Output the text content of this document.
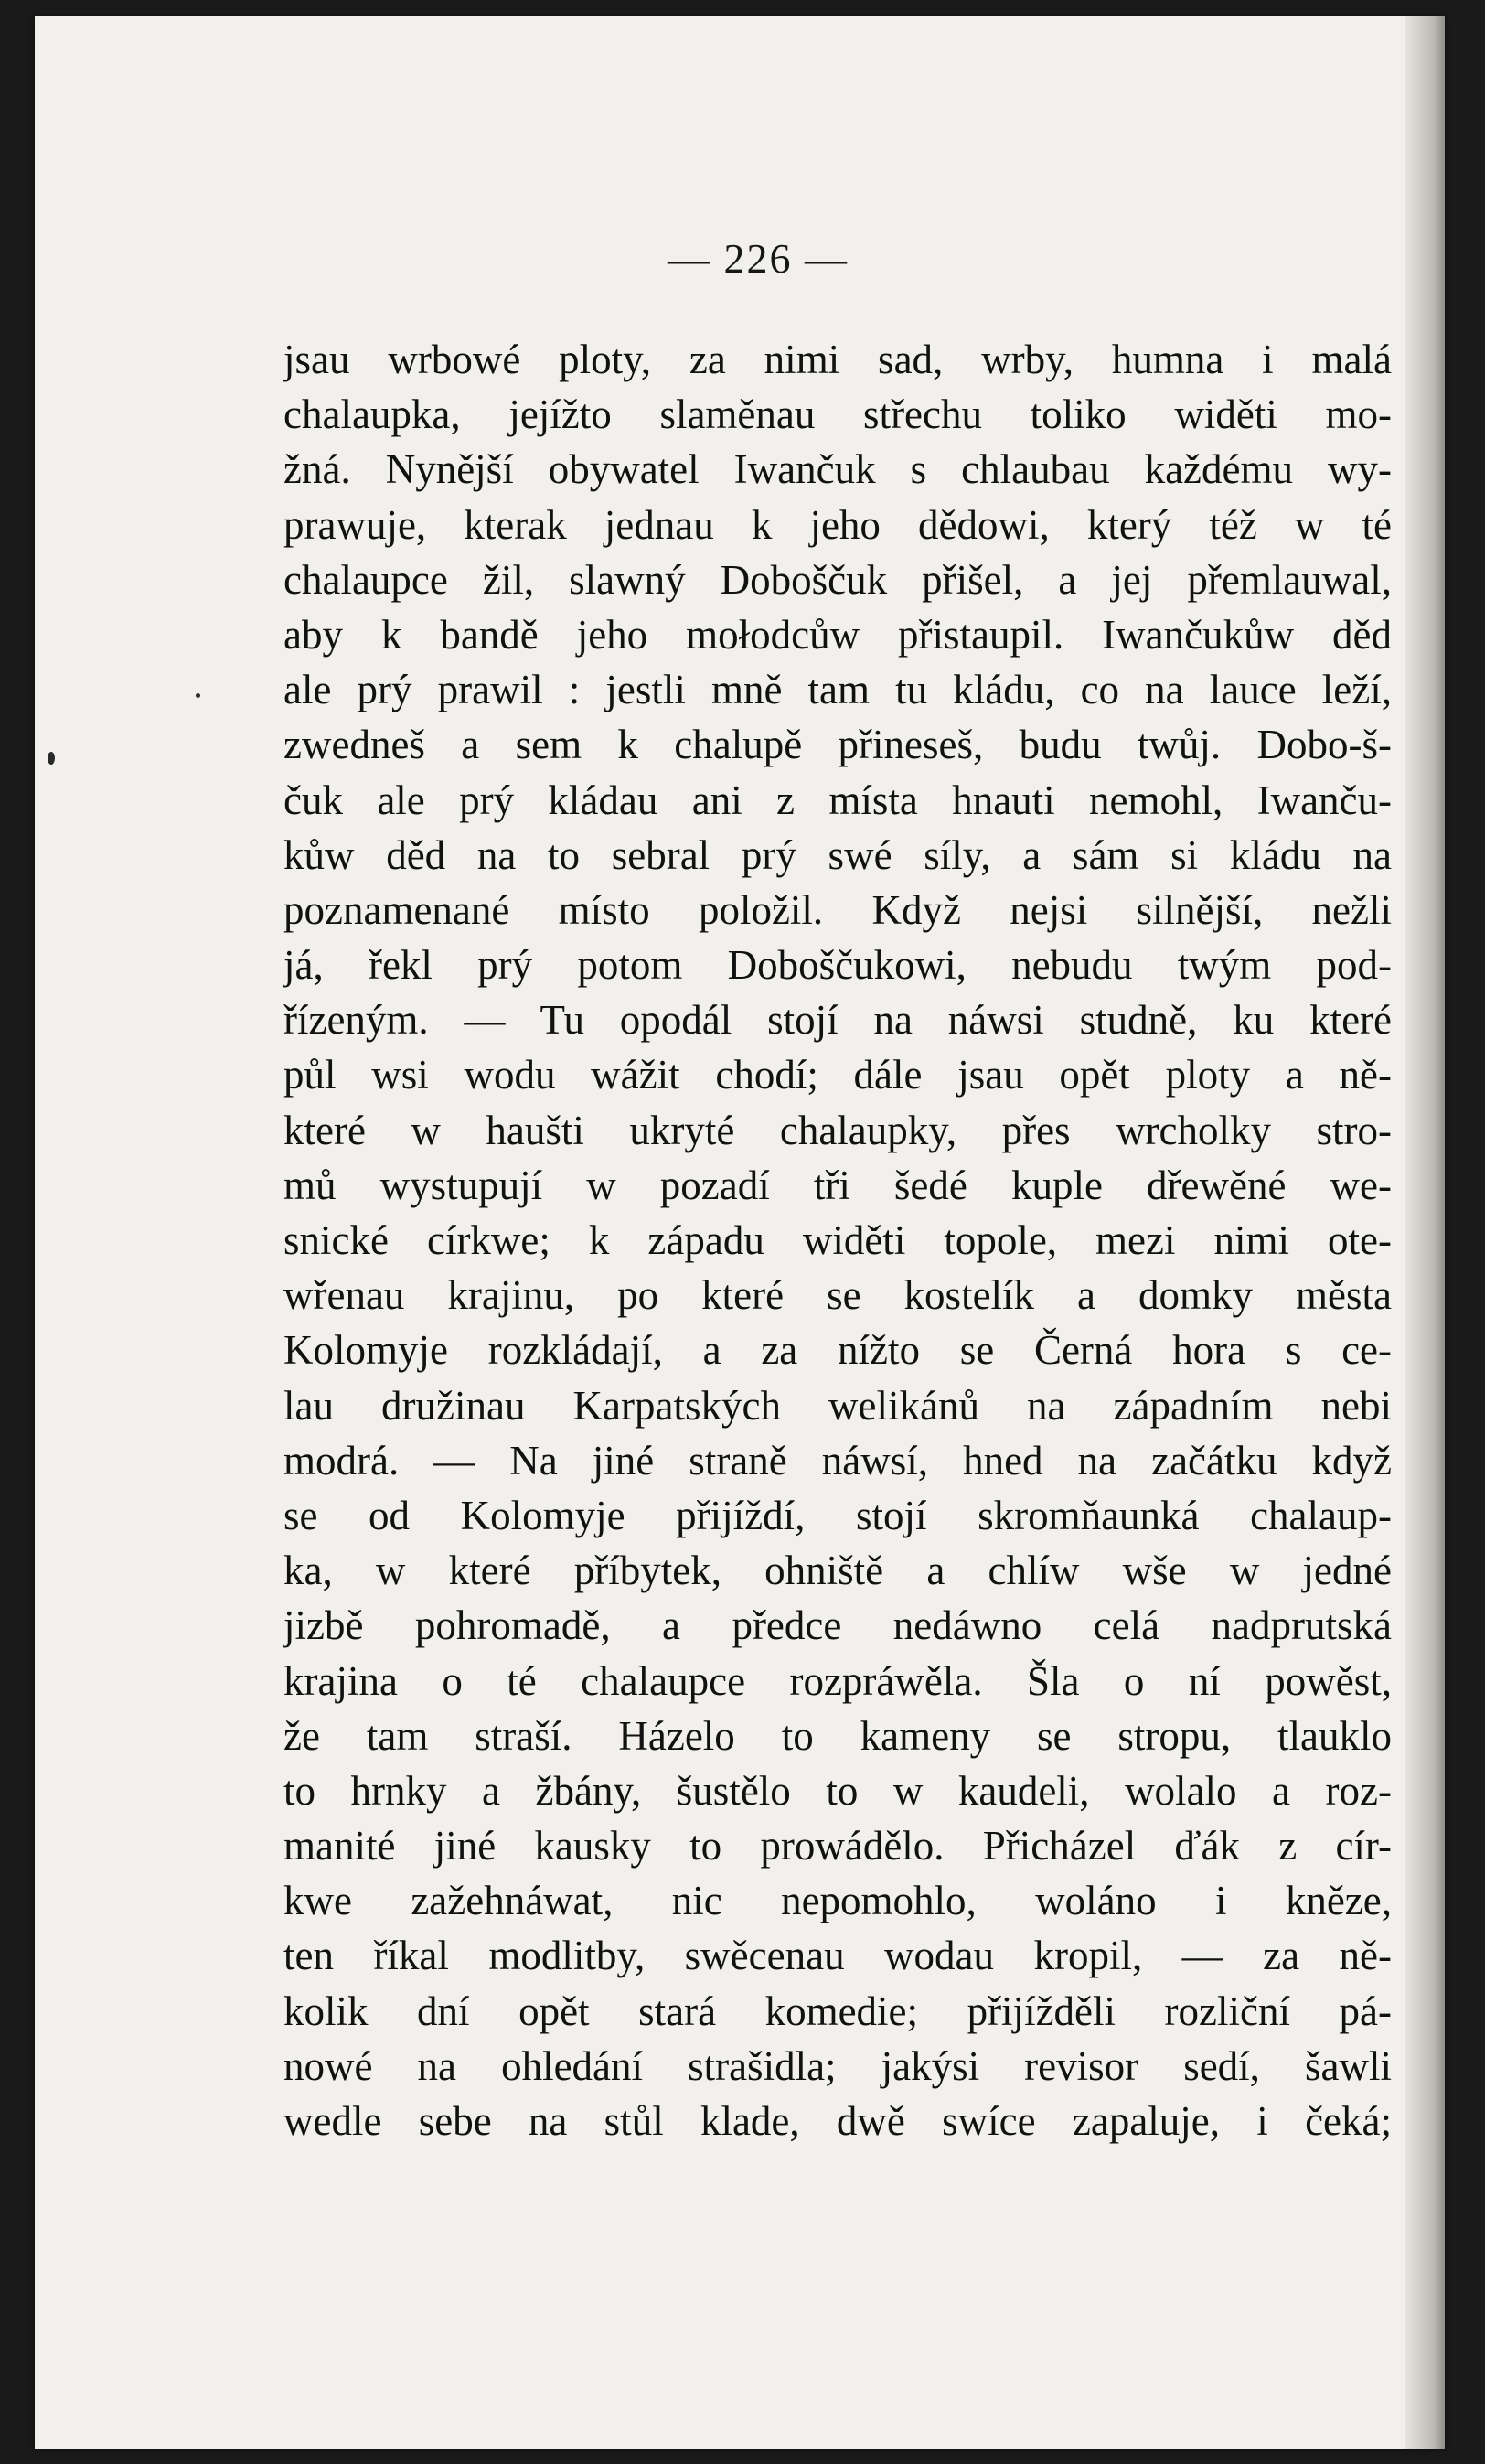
— 226 —
jsau wrbowé ploty, za nimi sad, wrby, humna i malá
chalaupka, jejížto slaměnau střechu toliko widěti mo-
žná. Nynější obywatel Iwančuk s chlaubau každému wy-
prawuje, kterak jednau k jeho dědowi, který též w té
chalaupce žil, slawný Doboščuk přišel, a jej přemlauwal,
aby k bandě jeho mołodcůw přistaupil. Iwančukůw děd
ale prý prawil : jestli mně tam tu kládu, co na lauce leží,
zwedneš a sem k chalupě přineseš, budu twůj. Dobo-š-
čuk ale prý kládau ani z místa hnauti nemohl, Iwanču-
kůw děd na to sebral prý swé síly, a sám si kládu na
poznamenané místo položil. Když nejsi silnější, nežli
já, řekl prý potom Doboščukowi, nebudu twým pod-
řízeným. — Tu opodál stojí na náwsi studně, ku které
půl wsi wodu wážit chodí; dále jsau opět ploty a ně-
které w haušti ukryté chalaupky, přes wrcholky stro-
mů wystupují w pozadí tři šedé kuple dřewěné we-
snické církwe; k západu widěti topole, mezi nimi ote-
wřenau krajinu, po které se kostelík a domky města
Kolomyje rozkládají, a za nížto se Černá hora s ce-
lau družinau Karpatských welikánů na západním nebi
modrá. — Na jiné straně náwsí, hned na začátku když
se od Kolomyje přijíždí, stojí skromňaunká chalaup-
ka, w které příbytek, ohniště a chlíw wše w jedné
jizbě pohromadě, a předce nedáwno celá nadprutská
krajina o té chalaupce rozpráwěla. Šla o ní powěst,
že tam straší. Házelo to kameny se stropu, tlauklo
to hrnky a žbány, šustělo to w kaudeli, wolalo a roz-
manité jiné kausky to prowádělo. Přicházel ďák z cír-
kwe zažehnáwat, nic nepomohlo, woláno i kněze,
ten říkal modlitby, swěcenau wodau kropil, — za ně-
kolik dní opět stará komedie; přijížděli rozliční pá-
nowé na ohledání strašidla; jakýsi revisor sedí, šawli
wedle sebe na stůl klade, dwě swíce zapaluje, i čeká;
